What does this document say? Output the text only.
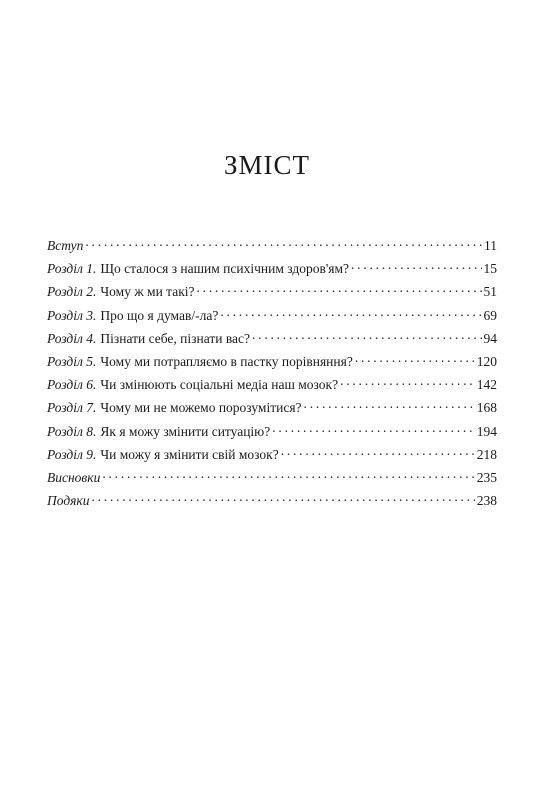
ЗМІСТ
Вступ . . .	11
Розділ 1. Що сталося з нашим психічним здоров'ям? . . .	15
Розділ 2. Чому ж ми такі? . . .	51
Розділ 3. Про що я думав/-ла? . . .	69
Розділ 4. Пізнати себе, пізнати вас? . . .	94
Розділ 5. Чому ми потрапляємо в пастку порівняння? . . .	120
Розділ 6. Чи змінюють соціальні медіа наш мозок? . . .	142
Розділ 7. Чому ми не можемо порозумітися? . . .	168
Розділ 8. Як я можу змінити ситуацію? . . .	194
Розділ 9. Чи можу я змінити свій мозок? . . .	218
Висновки . . .	235
Подяки . . .	238
